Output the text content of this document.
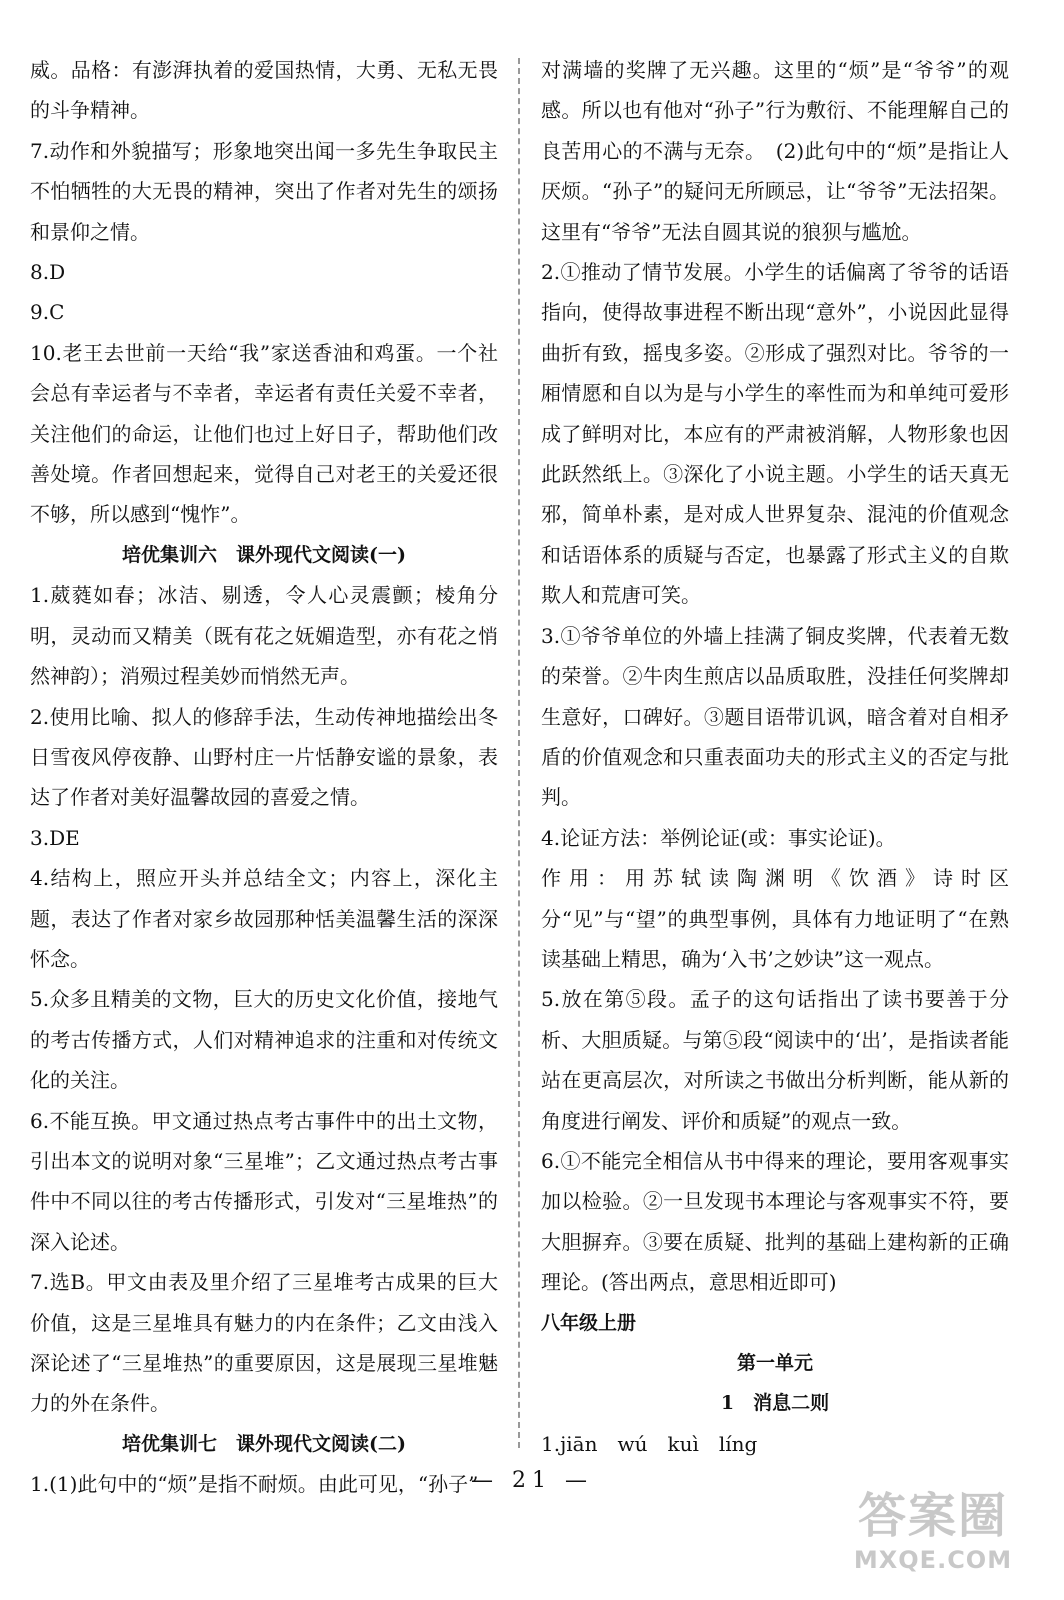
威。品格：有澎湃执着的爱国热情，大勇、无私无畏的斗争精神。

7.动作和外貌描写；形象地突出闻一多先生争取民主不怕牺牲的大无畏的精神，突出了作者对先生的颂扬和景仰之情。

8.D

9.C

10.老王去世前一天给“我”家送香油和鸡蛋。一个社会总有幸运者与不幸者，幸运者有责任关爱不幸者，关注他们的命运，让他们也过上好日子，帮助他们改善处境。作者回想起来，觉得自己对老王的关爱还很不够，所以感到“愧怍”。

培优集训六　课外现代文阅读(一)

1.葳蕤如春；冰洁、剔透，令人心灵震颤；棱角分明，灵动而又精美（既有花之妩媚造型，亦有花之悄然神韵）；消殒过程美妙而悄然无声。

2.使用比喻、拟人的修辞手法，生动传神地描绘出冬日雪夜风停夜静、山野村庄一片恬静安谧的景象，表达了作者对美好温馨故园的喜爱之情。

3.DE

4.结构上，照应开头并总结全文；内容上，深化主题，表达了作者对家乡故园那种恬美温馨生活的深深怀念。

5.众多且精美的文物，巨大的历史文化价值，接地气的考古传播方式，人们对精神追求的注重和对传统文化的关注。

6.不能互换。甲文通过热点考古事件中的出土文物，引出本文的说明对象“三星堆”；乙文通过热点考古事件中不同以往的考古传播形式，引发对“三星堆热”的深入论述。

7.选B。甲文由表及里介绍了三星堆考古成果的巨大价值，这是三星堆具有魅力的内在条件；乙文由浅入深论述了“三星堆热”的重要原因，这是展现三星堆魅力的外在条件。

培优集训七　课外现代文阅读(二)

1.(1)此句中的“烦”是指不耐烦。由此可见，“孙子”

对满墙的奖牌了无兴趣。这里的“烦”是“爷爷”的观感。所以也有他对“孙子”行为敷衍、不能理解自己的良苦用心的不满与无奈。　(2)此句中的“烦”是指让人厌烦。“孙子”的疑问无所顾忌，让“爷爷”无法招架。这里有“爷爷”无法自圆其说的狼狈与尴尬。

2.①推动了情节发展。小学生的话偏离了爷爷的话语指向，使得故事进程不断出现“意外”，小说因此显得曲折有致，摇曳多姿。②形成了强烈对比。爷爷的一厢情愿和自以为是与小学生的率性而为和单纯可爱形成了鲜明对比，本应有的严肃被消解，人物形象也因此跃然纸上。③深化了小说主题。小学生的话天真无邪，简单朴素，是对成人世界复杂、混沌的价值观念和话语体系的质疑与否定，也暴露了形式主义的自欺欺人和荒唐可笑。

3.①爷爷单位的外墙上挂满了铜皮奖牌，代表着无数的荣誉。②牛肉生煎店以品质取胜，没挂任何奖牌却生意好，口碑好。③题目语带讥讽，暗含着对自相矛盾的价值观念和只重表面功夫的形式主义的否定与批判。

4.论证方法：举例论证(或：事实论证)。

作用：用苏轼读陶渊明《饮酒》诗时区分“见”与“望”的典型事例，具体有力地证明了“在熟读基础上精思，确为‘入书’之妙诀”这一观点。

5.放在第⑤段。孟子的这句话指出了读书要善于分析、大胆质疑。与第⑤段“阅读中的‘出’，是指读者能站在更高层次，对所读之书做出分析判断，能从新的角度进行阐发、评价和质疑”的观点一致。

6.①不能完全相信从书中得来的理论，要用客观事实加以检验。②一旦发现书本理论与客观事实不符，要大胆摒弃。③要在质疑、批判的基础上建构新的正确理论。(答出两点，意思相近即可)

八年级上册

第一单元

1　消息二则

1.jiān　wú　kuì　líng

— 21 —
答案圈
MXQE.COM
